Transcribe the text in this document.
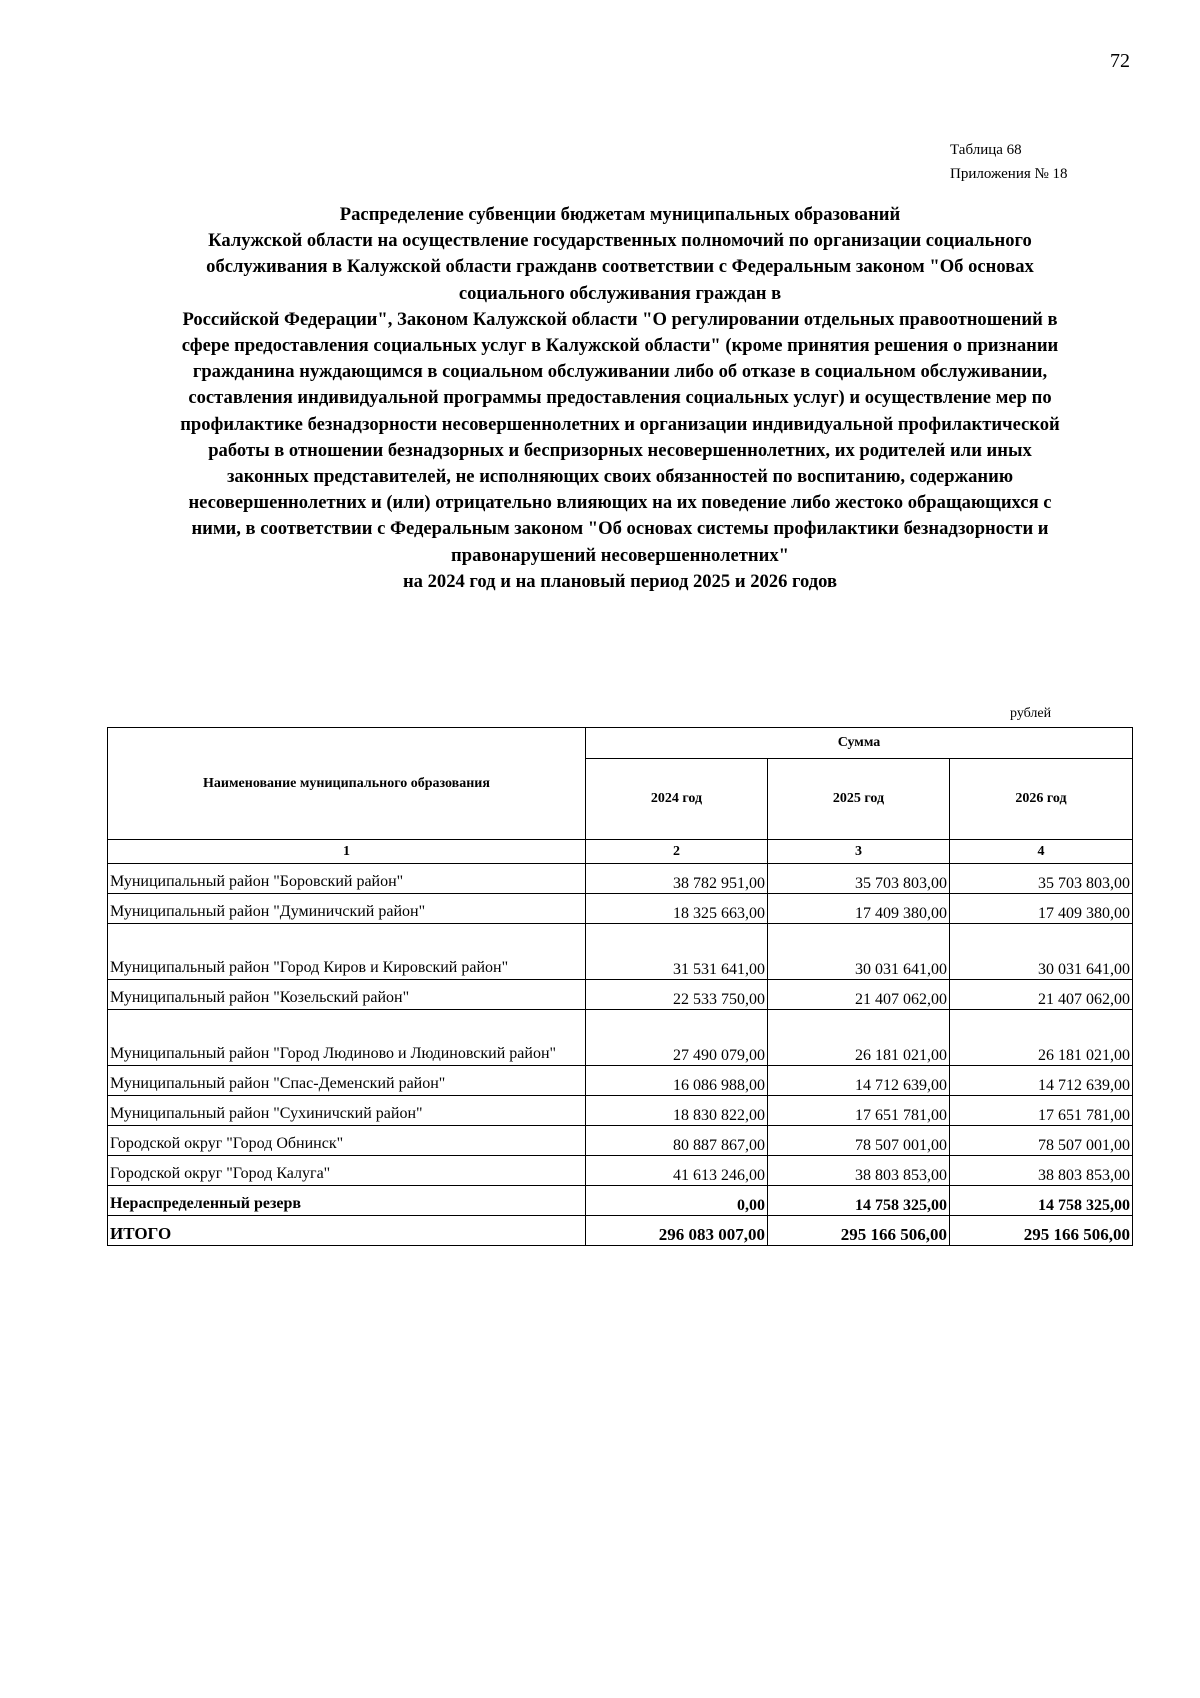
72
Таблица 68
Приложения № 18
Распределение субвенции бюджетам муниципальных образований
Калужской области на осуществление государственных полномочий по организации социального
обслуживания в Калужской области гражданв соответствии с Федеральным законом "Об основах
социального обслуживания граждан в
Российской Федерации", Законом Калужской области "О регулировании отдельных правоотношений в
сфере предоставления социальных услуг в Калужской области" (кроме принятия решения о признании
гражданина нуждающимся в социальном обслуживании либо об отказе в социальном обслуживании,
составления индивидуальной программы предоставления социальных услуг) и осуществление мер по
профилактике безнадзорности несовершеннолетних и организации индивидуальной профилактической
работы в отношении безнадзорных и беспризорных несовершеннолетних, их родителей или иных
законных представителей, не исполняющих своих обязанностей по воспитанию, содержанию
несовершеннолетних и (или) отрицательно влияющих на их поведение либо жестоко обращающихся с
ними, в соответствии с Федеральным законом "Об основах системы профилактики безнадзорности и
правонарушений несовершеннолетних"
на 2024 год и на плановый период 2025 и 2026 годов
рублей
Наименование муниципального образования	Сумма		
	2024 год	2025 год	2026 год
1	2	3	4
Муниципальный район "Боровский район"	38 782 951,00	35 703 803,00	35 703 803,00
Муниципальный район "Думиничский район"	18 325 663,00	17 409 380,00	17 409 380,00
Муниципальный район "Город Киров и Кировский район"	31 531 641,00	30 031 641,00	30 031 641,00
Муниципальный район "Козельский район"	22 533 750,00	21 407 062,00	21 407 062,00
Муниципальный район "Город Людиново и Людиновский район"	27 490 079,00	26 181 021,00	26 181 021,00
Муниципальный район "Спас-Деменский район"	16 086 988,00	14 712 639,00	14 712 639,00
Муниципальный район "Сухиничский район"	18 830 822,00	17 651 781,00	17 651 781,00
Городской округ "Город Обнинск"	80 887 867,00	78 507 001,00	78 507 001,00
Городской округ "Город Калуга"	41 613 246,00	38 803 853,00	38 803 853,00
Нераспределенный резерв	0,00	14 758 325,00	14 758 325,00
ИТОГО	296 083 007,00	295 166 506,00	295 166 506,00
